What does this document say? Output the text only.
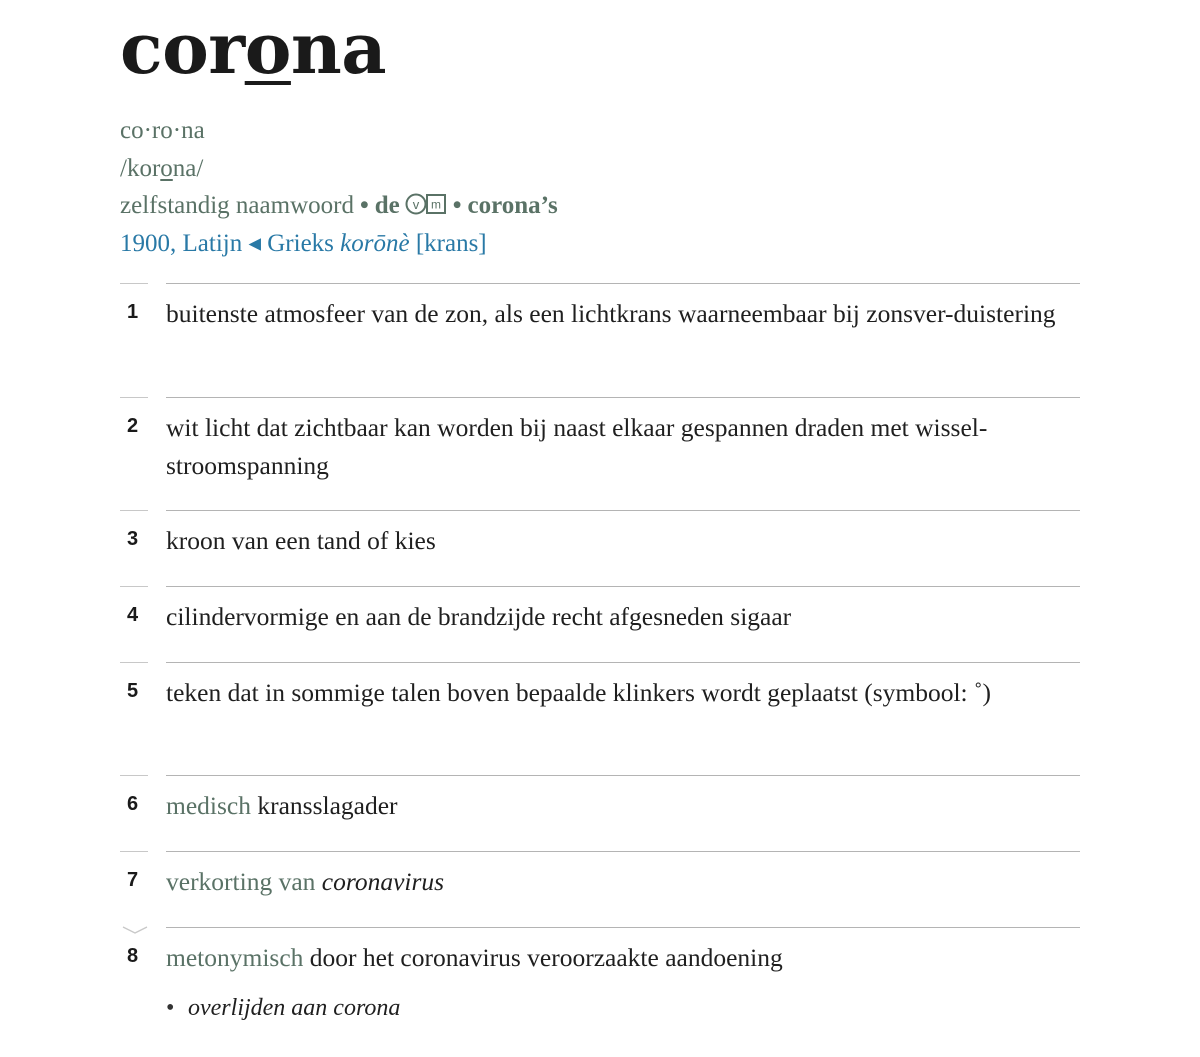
corona
co·ro·na
/korona/
zelfstandig naamwoord • de v m • corona’s
1900, Latijn ◂ Grieks korōnè [krans]
1 buitenste atmosfeer van de zon, als een lichtkrans waarneembaar bij zonsver-duistering
2 wit licht dat zichtbaar kan worden bij naast elkaar gespannen draden met wissel-stroomspanning
3 kroon van een tand of kies
4 cilindervormige en aan de brandzijde recht afgesneden sigaar
5 teken dat in sommige talen boven bepaalde klinkers wordt geplaatst (symbool: ˚)
6 medisch kransslagader
7 verkorting van coronavirus
8 metonymisch door het coronavirus veroorzaakte aandoening
• overlijden aan corona
